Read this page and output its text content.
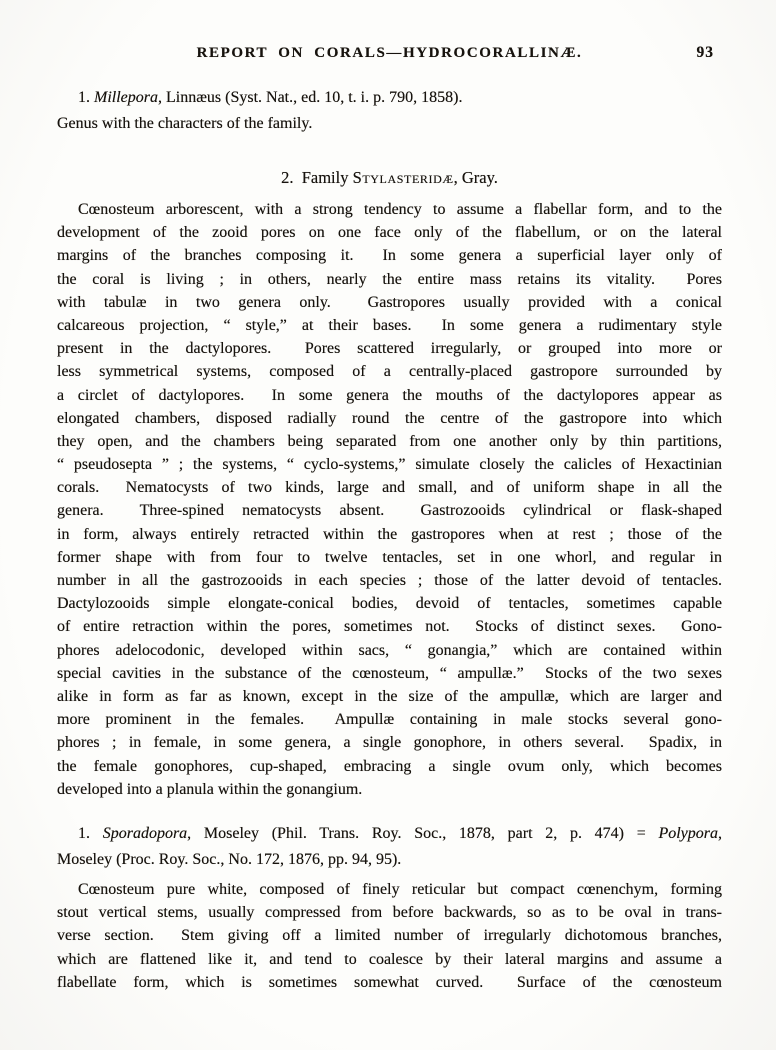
REPORT ON CORALS—HYDROCORALLINÆ.	93
1. Millepora, Linnæus (Syst. Nat., ed. 10, t. i. p. 790, 1858).
Genus with the characters of the family.
2.  Family Stylasteridæ, Gray.
Cœnosteum arborescent, with a strong tendency to assume a flabellar form, and to the
development of the zooid pores on one face only of the flabellum, or on the lateral
margins of the branches composing it.  In some genera a superficial layer only of
the coral is living ; in others, nearly the entire mass retains its vitality.  Pores
with tabulæ in two genera only.  Gastropores usually provided with a conical
calcareous projection, “ style,” at their bases.  In some genera a rudimentary style
present in the dactylopores.  Pores scattered irregularly, or grouped into more or
less symmetrical systems, composed of a centrally-placed gastropore surrounded by
a circlet of dactylopores.  In some genera the mouths of the dactylopores appear as
elongated chambers, disposed radially round the centre of the gastropore into which
they open, and the chambers being separated from one another only by thin partitions,
“ pseudosepta ” ; the systems, “ cyclo-systems,” simulate closely the calicles of Hexactinian
corals.  Nematocysts of two kinds, large and small, and of uniform shape in all the
genera.  Three-spined nematocysts absent.  Gastrozooids cylindrical or flask-shaped
in form, always entirely retracted within the gastropores when at rest ; those of the
former shape with from four to twelve tentacles, set in one whorl, and regular in
number in all the gastrozooids in each species ; those of the latter devoid of tentacles.
Dactylozooids simple elongate-conical bodies, devoid of tentacles, sometimes capable
of entire retraction within the pores, sometimes not.  Stocks of distinct sexes.  Gono-
phores adelocodonic, developed within sacs, “ gonangia,” which are contained within
special cavities in the substance of the cœnosteum, “ ampullæ.”  Stocks of the two sexes
alike in form as far as known, except in the size of the ampullæ, which are larger and
more prominent in the females.  Ampullæ containing in male stocks several gono-
phores ; in female, in some genera, a single gonophore, in others several.  Spadix, in
the female gonophores, cup-shaped, embracing a single ovum only, which becomes
developed into a planula within the gonangium.
1. Sporadopora, Moseley (Phil. Trans. Roy. Soc., 1878, part 2, p. 474) = Polypora,
Moseley (Proc. Roy. Soc., No. 172, 1876, pp. 94, 95).
Cœnosteum pure white, composed of finely reticular but compact cœnenchym, forming
stout vertical stems, usually compressed from before backwards, so as to be oval in trans-
verse section.  Stem giving off a limited number of irregularly dichotomous branches,
which are flattened like it, and tend to coalesce by their lateral margins and assume a
flabellate form, which is sometimes somewhat curved.  Surface of the cœnosteum
